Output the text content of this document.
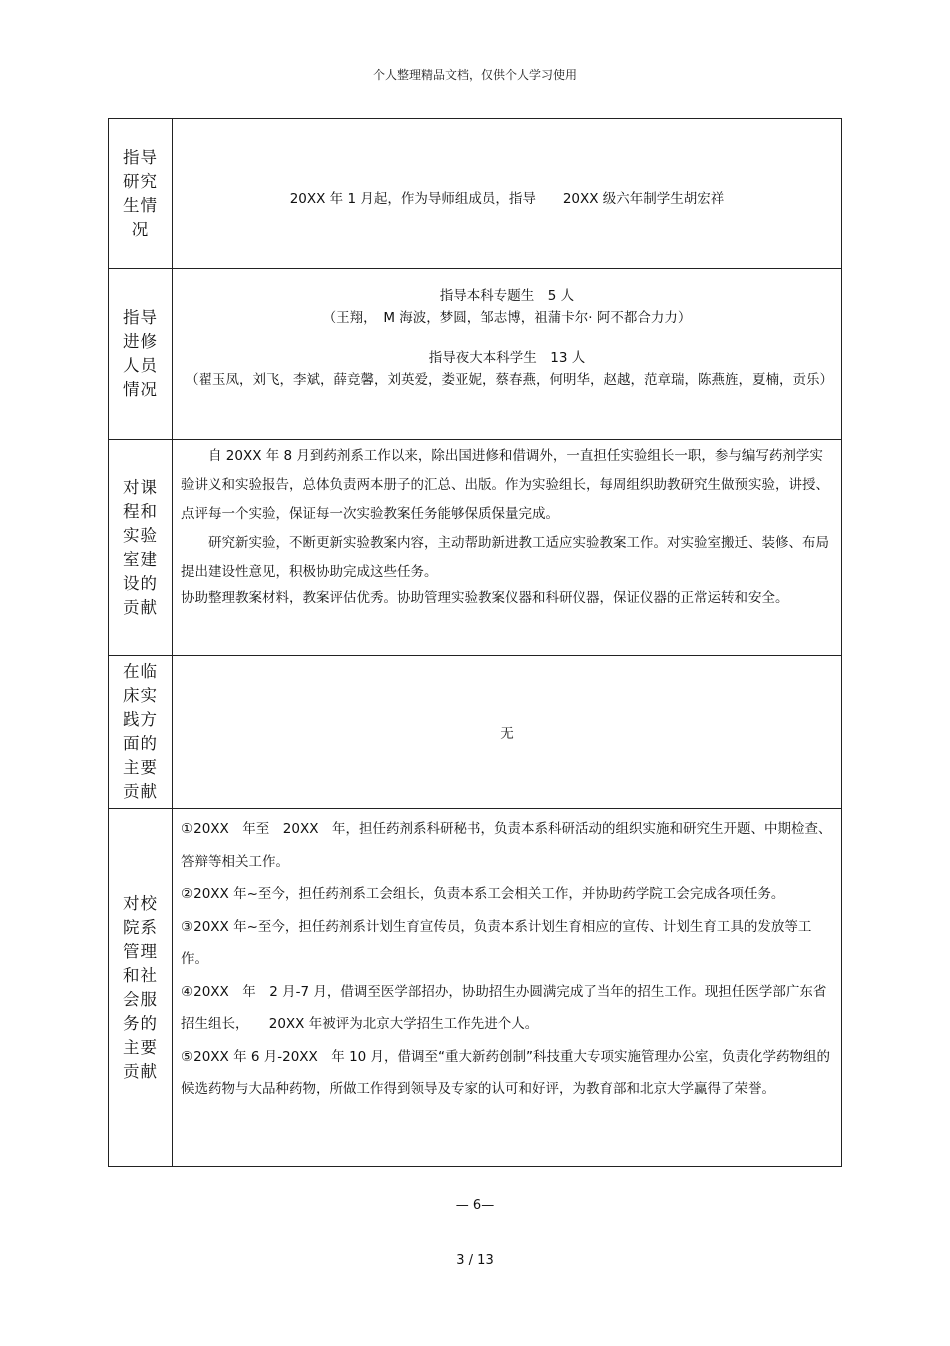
个人整理精品文档，仅供个人学习使用
指导研究生情况
20XX 年 1 月起，作为导师组成员，指导　　20XX 级六年制学生胡宏祥
指导进修人员情况
指导本科专题生　5 人
（王翔，　M 海波，梦圆，邹志博，祖蒲卡尔· 阿不都合力力）
指导夜大本科学生　13 人
（翟玉凤，刘飞，李斌，薛竞馨，刘英爱，娄亚妮，蔡春燕，何明华，赵越，范章瑞，陈燕旌，夏楠，贡乐）
对课程和实验室建设的贡献

自 20XX 年 8 月到药剂系工作以来，除出国进修和借调外，一直担任实验组长一职，参与编写药剂学实验讲义和实验报告，总体负责两本册子的汇总、出版。作为实验组长，每周组织助教研究生做预实验，讲授、点评每一个实验，保证每一次实验教案任务能够保质保量完成。

研究新实验，不断更新实验教案内容，主动帮助新进教工适应实验教案工作。对实验室搬迁、装修、布局提出建设性意见，积极协助完成这些任务。

协助整理教案材料，教案评估优秀。协助管理实验教案仪器和科研仪器，保证仪器的正常运转和安全。

在临床实践方面的主要贡献
无
对校院系管理和社会服务的主要贡献

①20XX　年至　20XX　年，担任药剂系科研秘书，负责本系科研活动的组织实施和研究生开题、中期检查、答辩等相关工作。

②20XX 年~至今，担任药剂系工会组长，负责本系工会相关工作，并协助药学院工会完成各项任务。

③20XX 年~至今，担任药剂系计划生育宣传员，负责本系计划生育相应的宣传、计划生育工具的发放等工作。

④20XX　年　2 月-7 月，借调至医学部招办，协助招生办圆满完成了当年的招生工作。现担任医学部广东省招生组长，　　20XX 年被评为北京大学招生工作先进个人。

⑤20XX 年 6 月-20XX　年 10 月，借调至“重大新药创制”科技重大专项实施管理办公室，负责化学药物组的候选药物与大品种药物，所做工作得到领导及专家的认可和好评，为教育部和北京大学赢得了荣誉。

— 6—
3 / 13
